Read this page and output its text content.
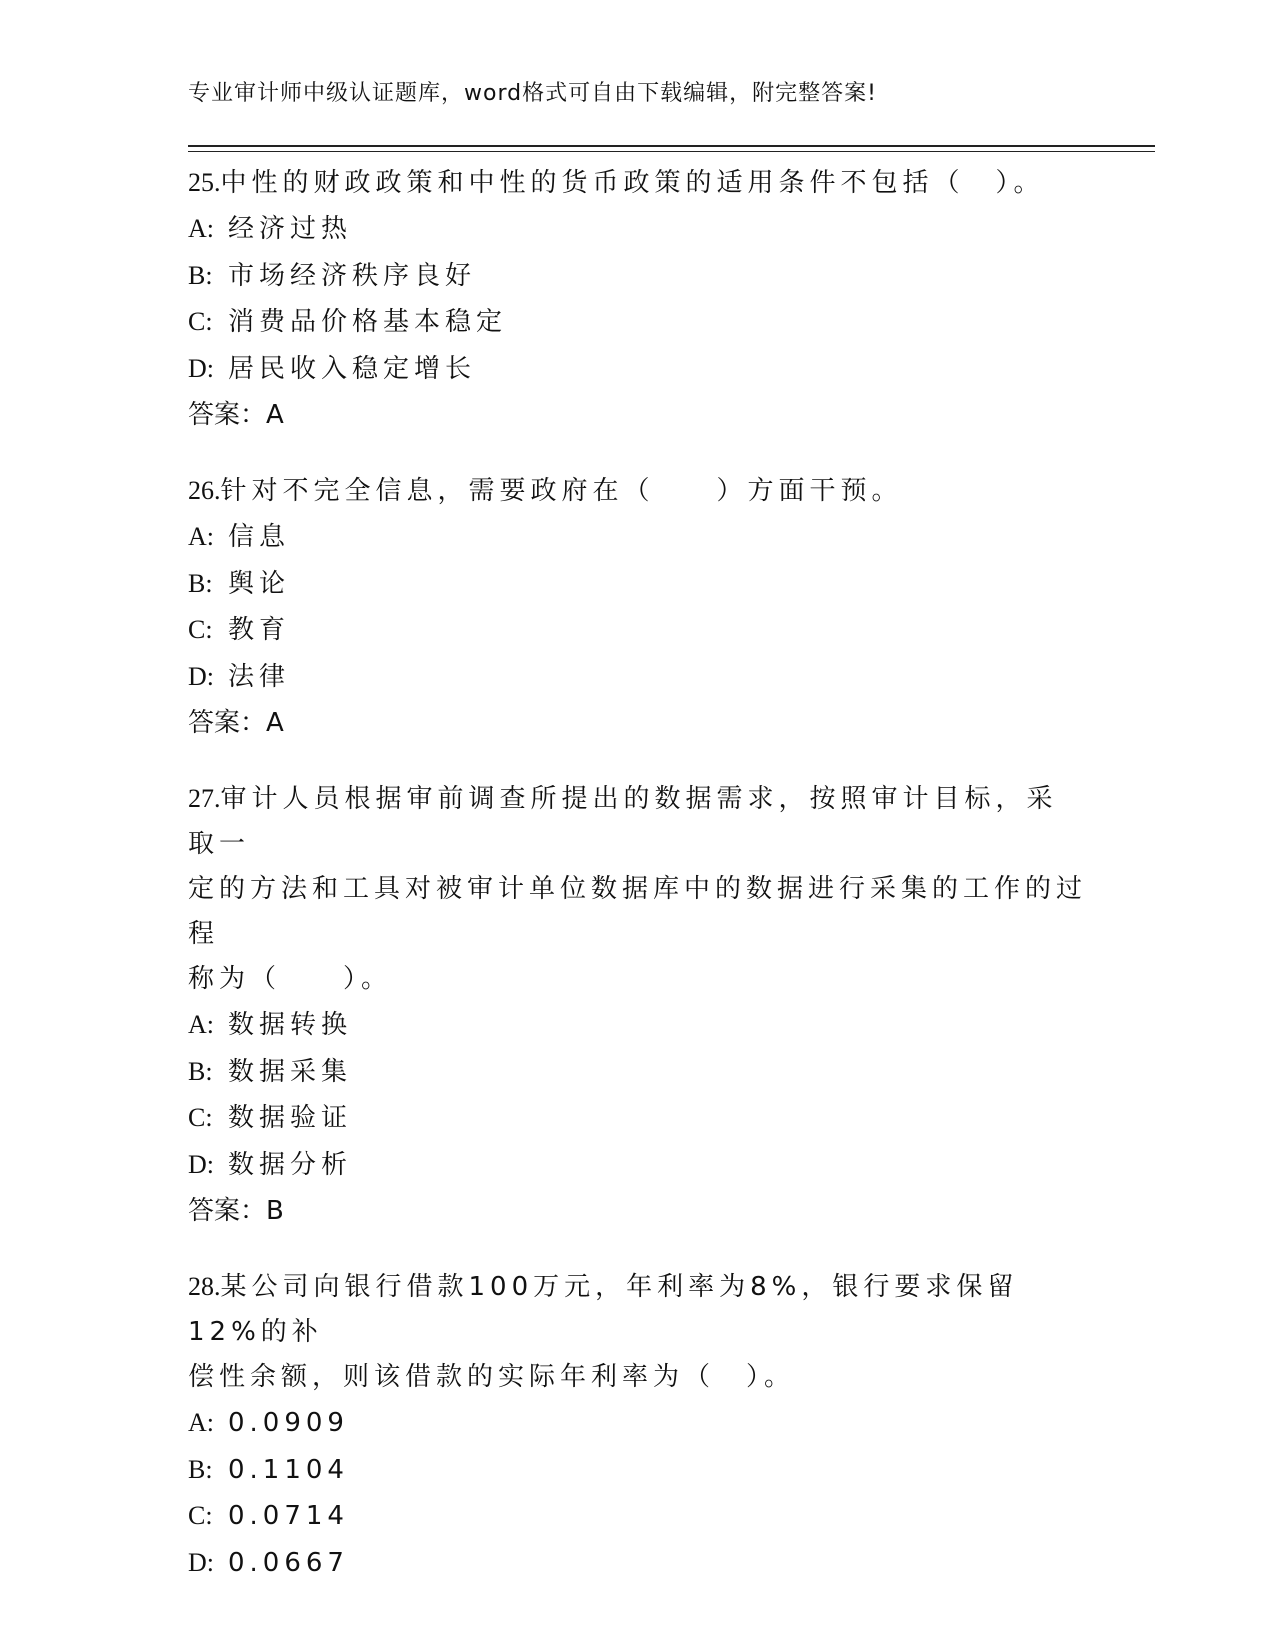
专业审计师中级认证题库，word格式可自由下载编辑，附完整答案!

25.中性的财政政策和中性的货币政策的适用条件不包括（　）。

A: 经济过热

B: 市场经济秩序良好

C: 消费品价格基本稳定

D: 居民收入稳定增长

答案：A

26.针对不完全信息，需要政府在（　　）方面干预。

A: 信息

B: 舆论

C: 教育

D: 法律

答案：A

27.审计人员根据审前调查所提出的数据需求，按照审计目标，采取一

定的方法和工具对被审计单位数据库中的数据进行采集的工作的过程

称为（　　）。

A: 数据转换

B: 数据采集

C: 数据验证

D: 数据分析

答案：B

28.某公司向银行借款100万元，年利率为8%，银行要求保留12%的补

偿性余额，则该借款的实际年利率为（　）。

A: 0.0909

B: 0.1104

C: 0.0714

D: 0.0667
